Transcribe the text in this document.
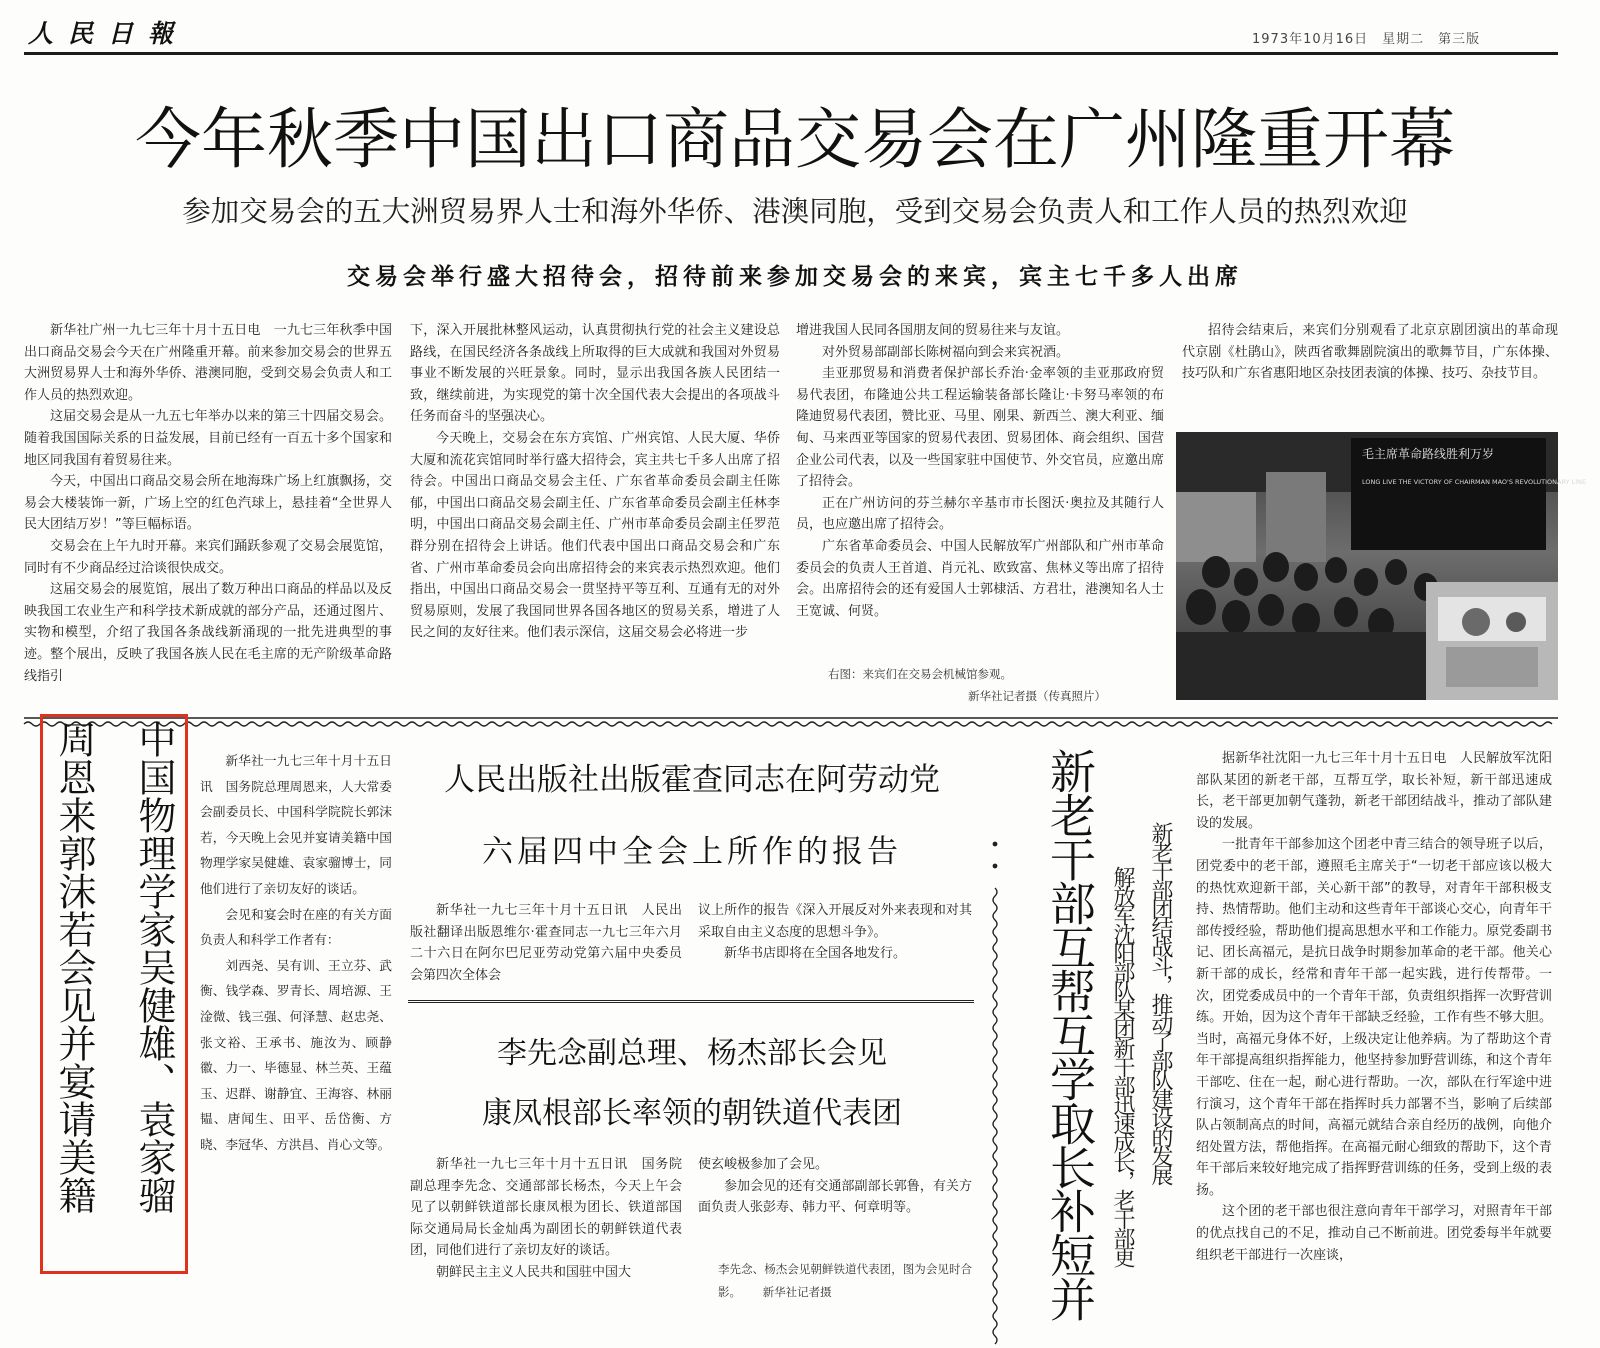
人民日報	1973年10月16日　星期二　第三版
今年秋季中国出口商品交易会在广州隆重开幕
参加交易会的五大洲贸易界人士和海外华侨、港澳同胞，受到交易会负责人和工作人员的热烈欢迎
交易会举行盛大招待会，招待前来参加交易会的来宾，宾主七千多人出席

新华社广州一九七三年十月十五日电　一九七三年秋季中国出口商品交易会今天在广州隆重开幕。前来参加交易会的世界五大洲贸易界人士和海外华侨、港澳同胞，受到交易会负责人和工作人员的热烈欢迎。

这届交易会是从一九五七年举办以来的第三十四届交易会。随着我国国际关系的日益发展，目前已经有一百五十多个国家和地区同我国有着贸易往来。

今天，中国出口商品交易会所在地海珠广场上红旗飘扬，交易会大楼装饰一新，广场上空的红色汽球上，悬挂着“全世界人民大团结万岁！”等巨幅标语。

交易会在上午九时开幕。来宾们踊跃参观了交易会展览馆，同时有不少商品经过洽谈很快成交。

这届交易会的展览馆，展出了数万种出口商品的样品以及反映我国工农业生产和科学技术新成就的部分产品，还通过图片、实物和模型，介绍了我国各条战线新涌现的一批先进典型的事迹。整个展出，反映了我国各族人民在毛主席的无产阶级革命路线指引

下，深入开展批林整风运动，认真贯彻执行党的社会主义建设总路线，在国民经济各条战线上所取得的巨大成就和我国对外贸易事业不断发展的兴旺景象。同时，显示出我国各族人民团结一致，继续前进，为实现党的第十次全国代表大会提出的各项战斗任务而奋斗的坚强决心。

今天晚上，交易会在东方宾馆、广州宾馆、人民大厦、华侨大厦和流花宾馆同时举行盛大招待会，宾主共七千多人出席了招待会。中国出口商品交易会主任、广东省革命委员会副主任陈郁，中国出口商品交易会副主任、广东省革命委员会副主任林李明，中国出口商品交易会副主任、广州市革命委员会副主任罗范群分别在招待会上讲话。他们代表中国出口商品交易会和广东省、广州市革命委员会向出席招待会的来宾表示热烈欢迎。他们指出，中国出口商品交易会一贯坚持平等互利、互通有无的对外贸易原则，发展了我国同世界各国各地区的贸易关系，增进了人民之间的友好往来。他们表示深信，这届交易会必将进一步

增进我国人民同各国朋友间的贸易往来与友谊。

对外贸易部副部长陈树福向到会来宾祝酒。

圭亚那贸易和消费者保护部长乔治·金率领的圭亚那政府贸易代表团，布隆迪公共工程运输装备部长隆让·卡努马率领的布隆迪贸易代表团，赞比亚、马里、刚果、新西兰、澳大利亚、缅甸、马来西亚等国家的贸易代表团、贸易团体、商会组织、国营企业公司代表，以及一些国家驻中国使节、外交官员，应邀出席了招待会。

正在广州访问的芬兰赫尔辛基市市长图沃·奥拉及其随行人员，也应邀出席了招待会。

广东省革命委员会、中国人民解放军广州部队和广州市革命委员会的负责人王首道、肖元礼、欧致富、焦林义等出席了招待会。出席招待会的还有爱国人士郭棣活、方君壮，港澳知名人士王宽诚、何贤。

右图：来宾们在交易会机械馆参观。
新华社记者摄（传真照片）

招待会结束后，来宾们分别观看了北京京剧团演出的革命现代京剧《杜鹃山》，陕西省歌舞剧院演出的歌舞节目，广东体操、技巧队和广东省惠阳地区杂技团表演的体操、技巧、杂技节目。

毛主席革命路线胜利万岁
LONG LIVE THE VICTORY OF CHAIRMAN MAO'S REVOLUTIONARY LINE
周恩来郭沫若会见并宴请美籍 中国物理学家吴健雄、袁家骝	新华社一九七三年十月十五日讯　国务院总理周恩来，人大常委会副委员长、中国科学院院长郭沫若，今天晚上会见并宴请美籍中国物理学家吴健雄、袁家骝博士，同他们进行了亲切友好的谈话。

会见和宴会时在座的有关方面负责人和科学工作者有：

刘西尧、吴有训、王立芬、武衡、钱学森、罗青长、周培源、王淦微、钱三强、何泽慧、赵忠尧、张文裕、王承书、施汝为、顾静徽、力一、毕德显、林兰英、王蕴玉、迟群、谢静宜、王海容、林丽韫、唐闻生、田平、岳岱衡、方晓、李冠华、方洪昌、肖心文等。

人民出版社出版霍查同志在阿劳动党
六届四中全会上所作的报告

新华社一九七三年十月十五日讯　人民出版社翻译出版恩维尔·霍查同志一九七三年六月二十六日在阿尔巴尼亚劳动党第六届中央委员会第四次全体会

议上所作的报告《深入开展反对外来表现和对其采取自由主义态度的思想斗争》。

新华书店即将在全国各地发行。

李先念副总理、杨杰部长会见
康凤根部长率领的朝铁道代表团

新华社一九七三年十月十五日讯　国务院副总理李先念、交通部部长杨杰，今天上午会见了以朝鲜铁道部长康凤根为团长、铁道部国际交通局局长金灿禹为副团长的朝鲜铁道代表团，同他们进行了亲切友好的谈话。

朝鲜民主主义人民共和国驻中国大

使玄峻极参加了会见。

参加会见的还有交通部副部长郭鲁，有关方面负责人张彭寿、韩力平、何章明等。

李先念、杨杰会见朝鲜铁道代表团，图为会见时合影。 新华社记者摄	新老干部互帮互学取长补短并 新老干部团结战斗，推动了部队建设的发展
解放军沈阳部队某团新干部迅速成长，老干部更

据新华社沈阳一九七三年十月十五日电　人民解放军沈阳部队某团的新老干部，互帮互学，取长补短，新干部迅速成长，老干部更加朝气蓬勃，新老干部团结战斗，推动了部队建设的发展。

一批青年干部参加这个团老中青三结合的领导班子以后，团党委中的老干部，遵照毛主席关于“一切老干部应该以极大的热忱欢迎新干部，关心新干部”的教导，对青年干部积极支持、热情帮助。他们主动和这些青年干部谈心交心，向青年干部传授经验，帮助他们提高思想水平和工作能力。原党委副书记、团长高福元，是抗日战争时期参加革命的老干部。他关心新干部的成长，经常和青年干部一起实践，进行传帮带。一次，团党委成员中的一个青年干部，负责组织指挥一次野营训练。开始，因为这个青年干部缺乏经验，工作有些不够大胆。当时，高福元身体不好，上级决定让他养病。为了帮助这个青年干部提高组织指挥能力，他坚持参加野营训练，和这个青年干部吃、住在一起，耐心进行帮助。一次，部队在行军途中进行演习，这个青年干部在指挥时兵力部署不当，影响了后续部队占领制高点的时间，高福元就结合亲自经历的战例，向他介绍处置方法，帮他指挥。在高福元耐心细致的帮助下，这个青年干部后来较好地完成了指挥野营训练的任务，受到上级的表扬。

这个团的老干部也很注意向青年干部学习，对照青年干部的优点找自己的不足，推动自己不断前进。团党委每半年就要组织老干部进行一次座谈，
